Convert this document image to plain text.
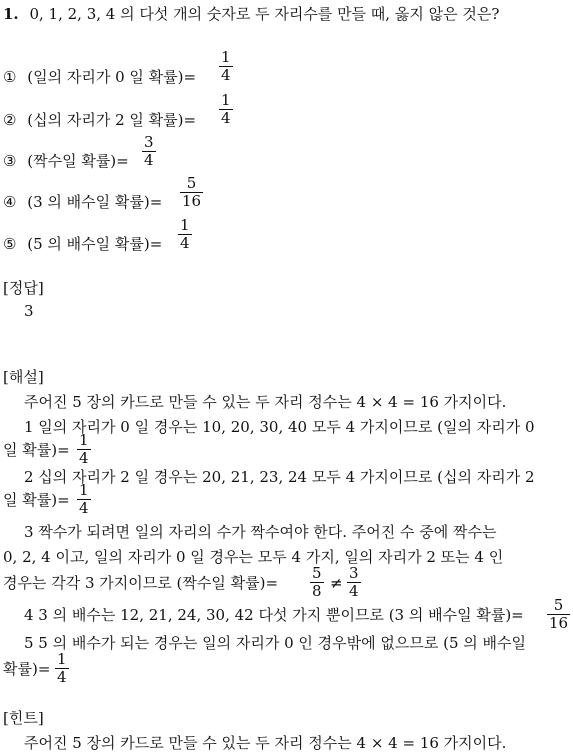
1. 0, 1, 2, 3, 4 의 다섯 개의 숫자로 두 자리수를 만들 때, 옳지 않은 것은?
① (일의 자리가 0 일 확률)=
1
4
② (십의 자리가 2 일 확률)=
1
4
③ (짝수일 확률)=
3
4
④ (3 의 배수일 확률)=
5
16
⑤ (5 의 배수일 확률)=
1
4
[정답]
3
[해설]
주어진 5 장의 카드로 만들 수 있는 두 자리 정수는 4 × 4 = 16 가지이다.
1 일의 자리가 0 일 경우는 10, 20, 30, 40 모두 4 가지이므로 (일의 자리가 0
일 확률)=
1
4
2 십의 자리가 2 일 경우는 20, 21, 23, 24 모두 4 가지이므로 (십의 자리가 2
일 확률)=
1
4
3 짝수가 되려면 일의 자리의 수가 짝수여야 한다. 주어진 수 중에 짝수는
0, 2, 4 이고, 일의 자리가 0 일 경우는 모두 4 가지, 일의 자리가 2 또는 4 인
경우는 각각 3 가지이므로 (짝수일 확률)=
5
8 ≠
3
4
4 3 의 배수는 12, 21, 24, 30, 42 다섯 가지 뿐이므로 (3 의 배수일 확률)=
5
16
5 5 의 배수가 되는 경우는 일의 자리가 0 인 경우밖에 없으므로 (5 의 배수일
확률)=
1
4
[힌트]
주어진 5 장의 카드로 만들 수 있는 두 자리 정수는 4 × 4 = 16 가지이다.
